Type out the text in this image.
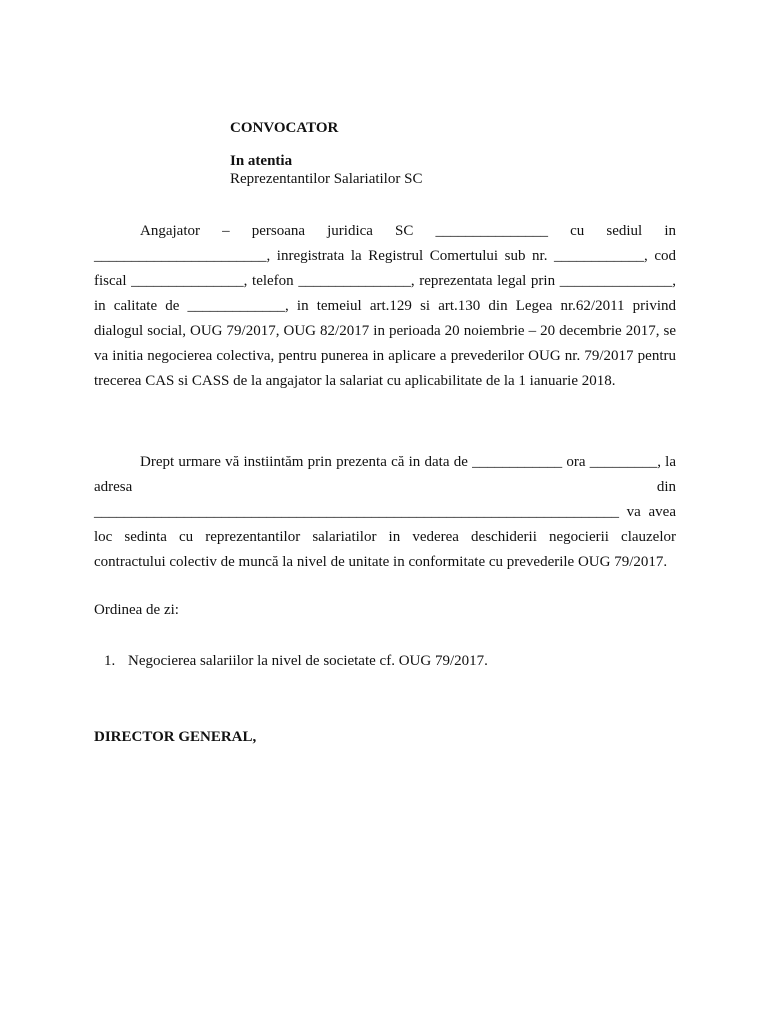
CONVOCATOR

In atentia

Reprezentantilor Salariatilor SC

Angajator – persoana juridica SC _______________ cu sediul in _______________________, inregistrata la Registrul Comertului sub nr. ____________, cod fiscal _______________, telefon _______________, reprezentata legal prin _______________, in calitate de _____________, in temeiul art.129 si art.130 din Legea nr.62/2011 privind dialogul social, OUG 79/2017, OUG 82/2017 in perioada 20 noiembrie – 20 decembrie 2017, se va initia negocierea colectiva, pentru punerea in aplicare a prevederilor OUG nr. 79/2017 pentru trecerea CAS si CASS de la angajator la salariat cu aplicabilitate de la 1 ianuarie 2018.

Drept urmare vă instiintăm prin prezenta că in data de ____________ ora _________, la adresa din ______________________________________________________________________ va avea loc sedinta cu reprezentantilor salariatilor in vederea deschiderii negocierii clauzelor contractului colectiv de muncă la nivel de unitate in conformitate cu prevederile OUG 79/2017.

Ordinea de zi:

1. Negocierea salariilor la nivel de societate cf. OUG 79/2017.

DIRECTOR GENERAL,
